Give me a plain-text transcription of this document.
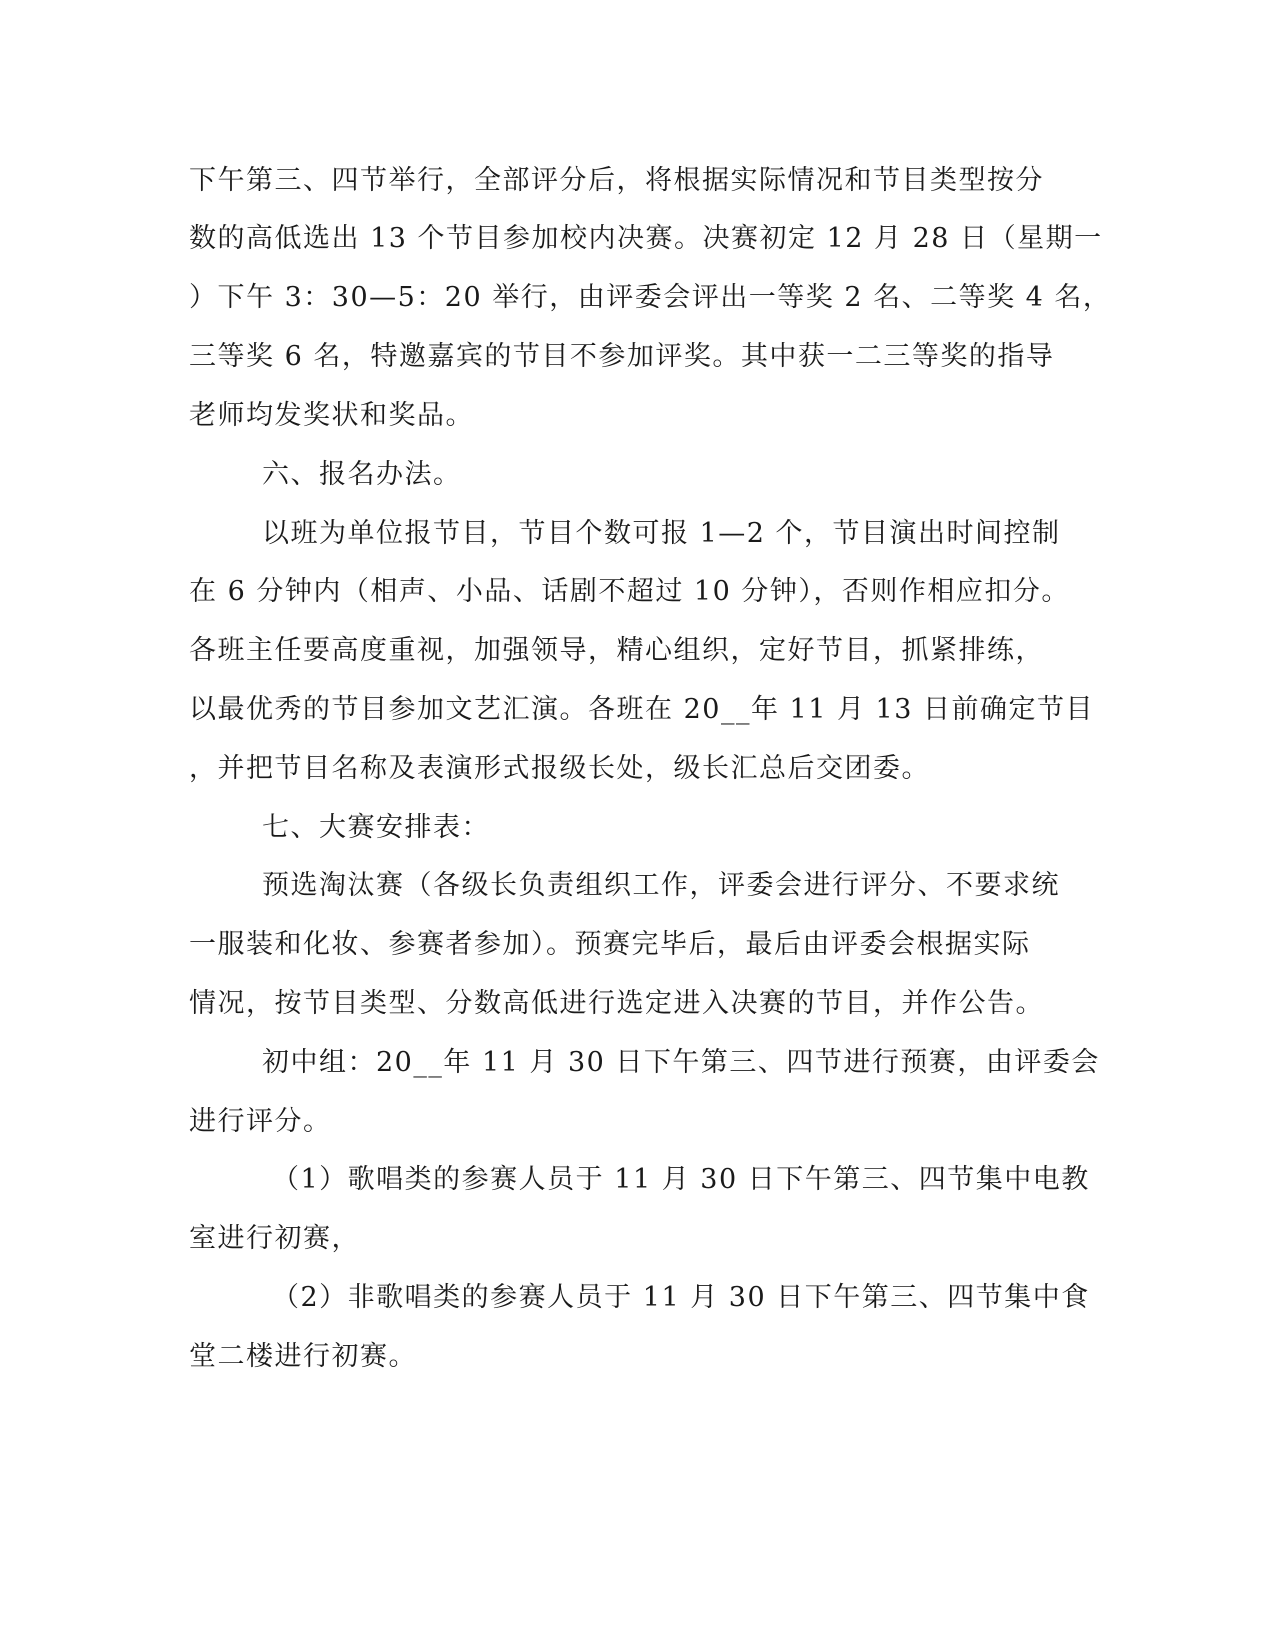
下午第三、四节举行，全部评分后，将根据实际情况和节目类型按分
数的高低选出 13 个节目参加校内决赛。决赛初定 12 月 28 日（星期一
）下午 3：30—5：20 举行，由评委会评出一等奖 2 名、二等奖 4 名，
三等奖 6 名，特邀嘉宾的节目不参加评奖。其中获一二三等奖的指导
老师均发奖状和奖品。
六、报名办法。
以班为单位报节目，节目个数可报 1—2 个，节目演出时间控制
在 6 分钟内（相声、小品、话剧不超过 10 分钟），否则作相应扣分。
各班主任要高度重视，加强领导，精心组织，定好节目，抓紧排练，
以最优秀的节目参加文艺汇演。各班在 20__年 11 月 13 日前确定节目
，并把节目名称及表演形式报级长处，级长汇总后交团委。
七、大赛安排表：
预选淘汰赛（各级长负责组织工作，评委会进行评分、不要求统
一服装和化妆、参赛者参加）。预赛完毕后，最后由评委会根据实际
情况，按节目类型、分数高低进行选定进入决赛的节目，并作公告。
初中组：20__年 11 月 30 日下午第三、四节进行预赛，由评委会
进行评分。
（1）歌唱类的参赛人员于 11 月 30 日下午第三、四节集中电教
室进行初赛，
（2）非歌唱类的参赛人员于 11 月 30 日下午第三、四节集中食
堂二楼进行初赛。
